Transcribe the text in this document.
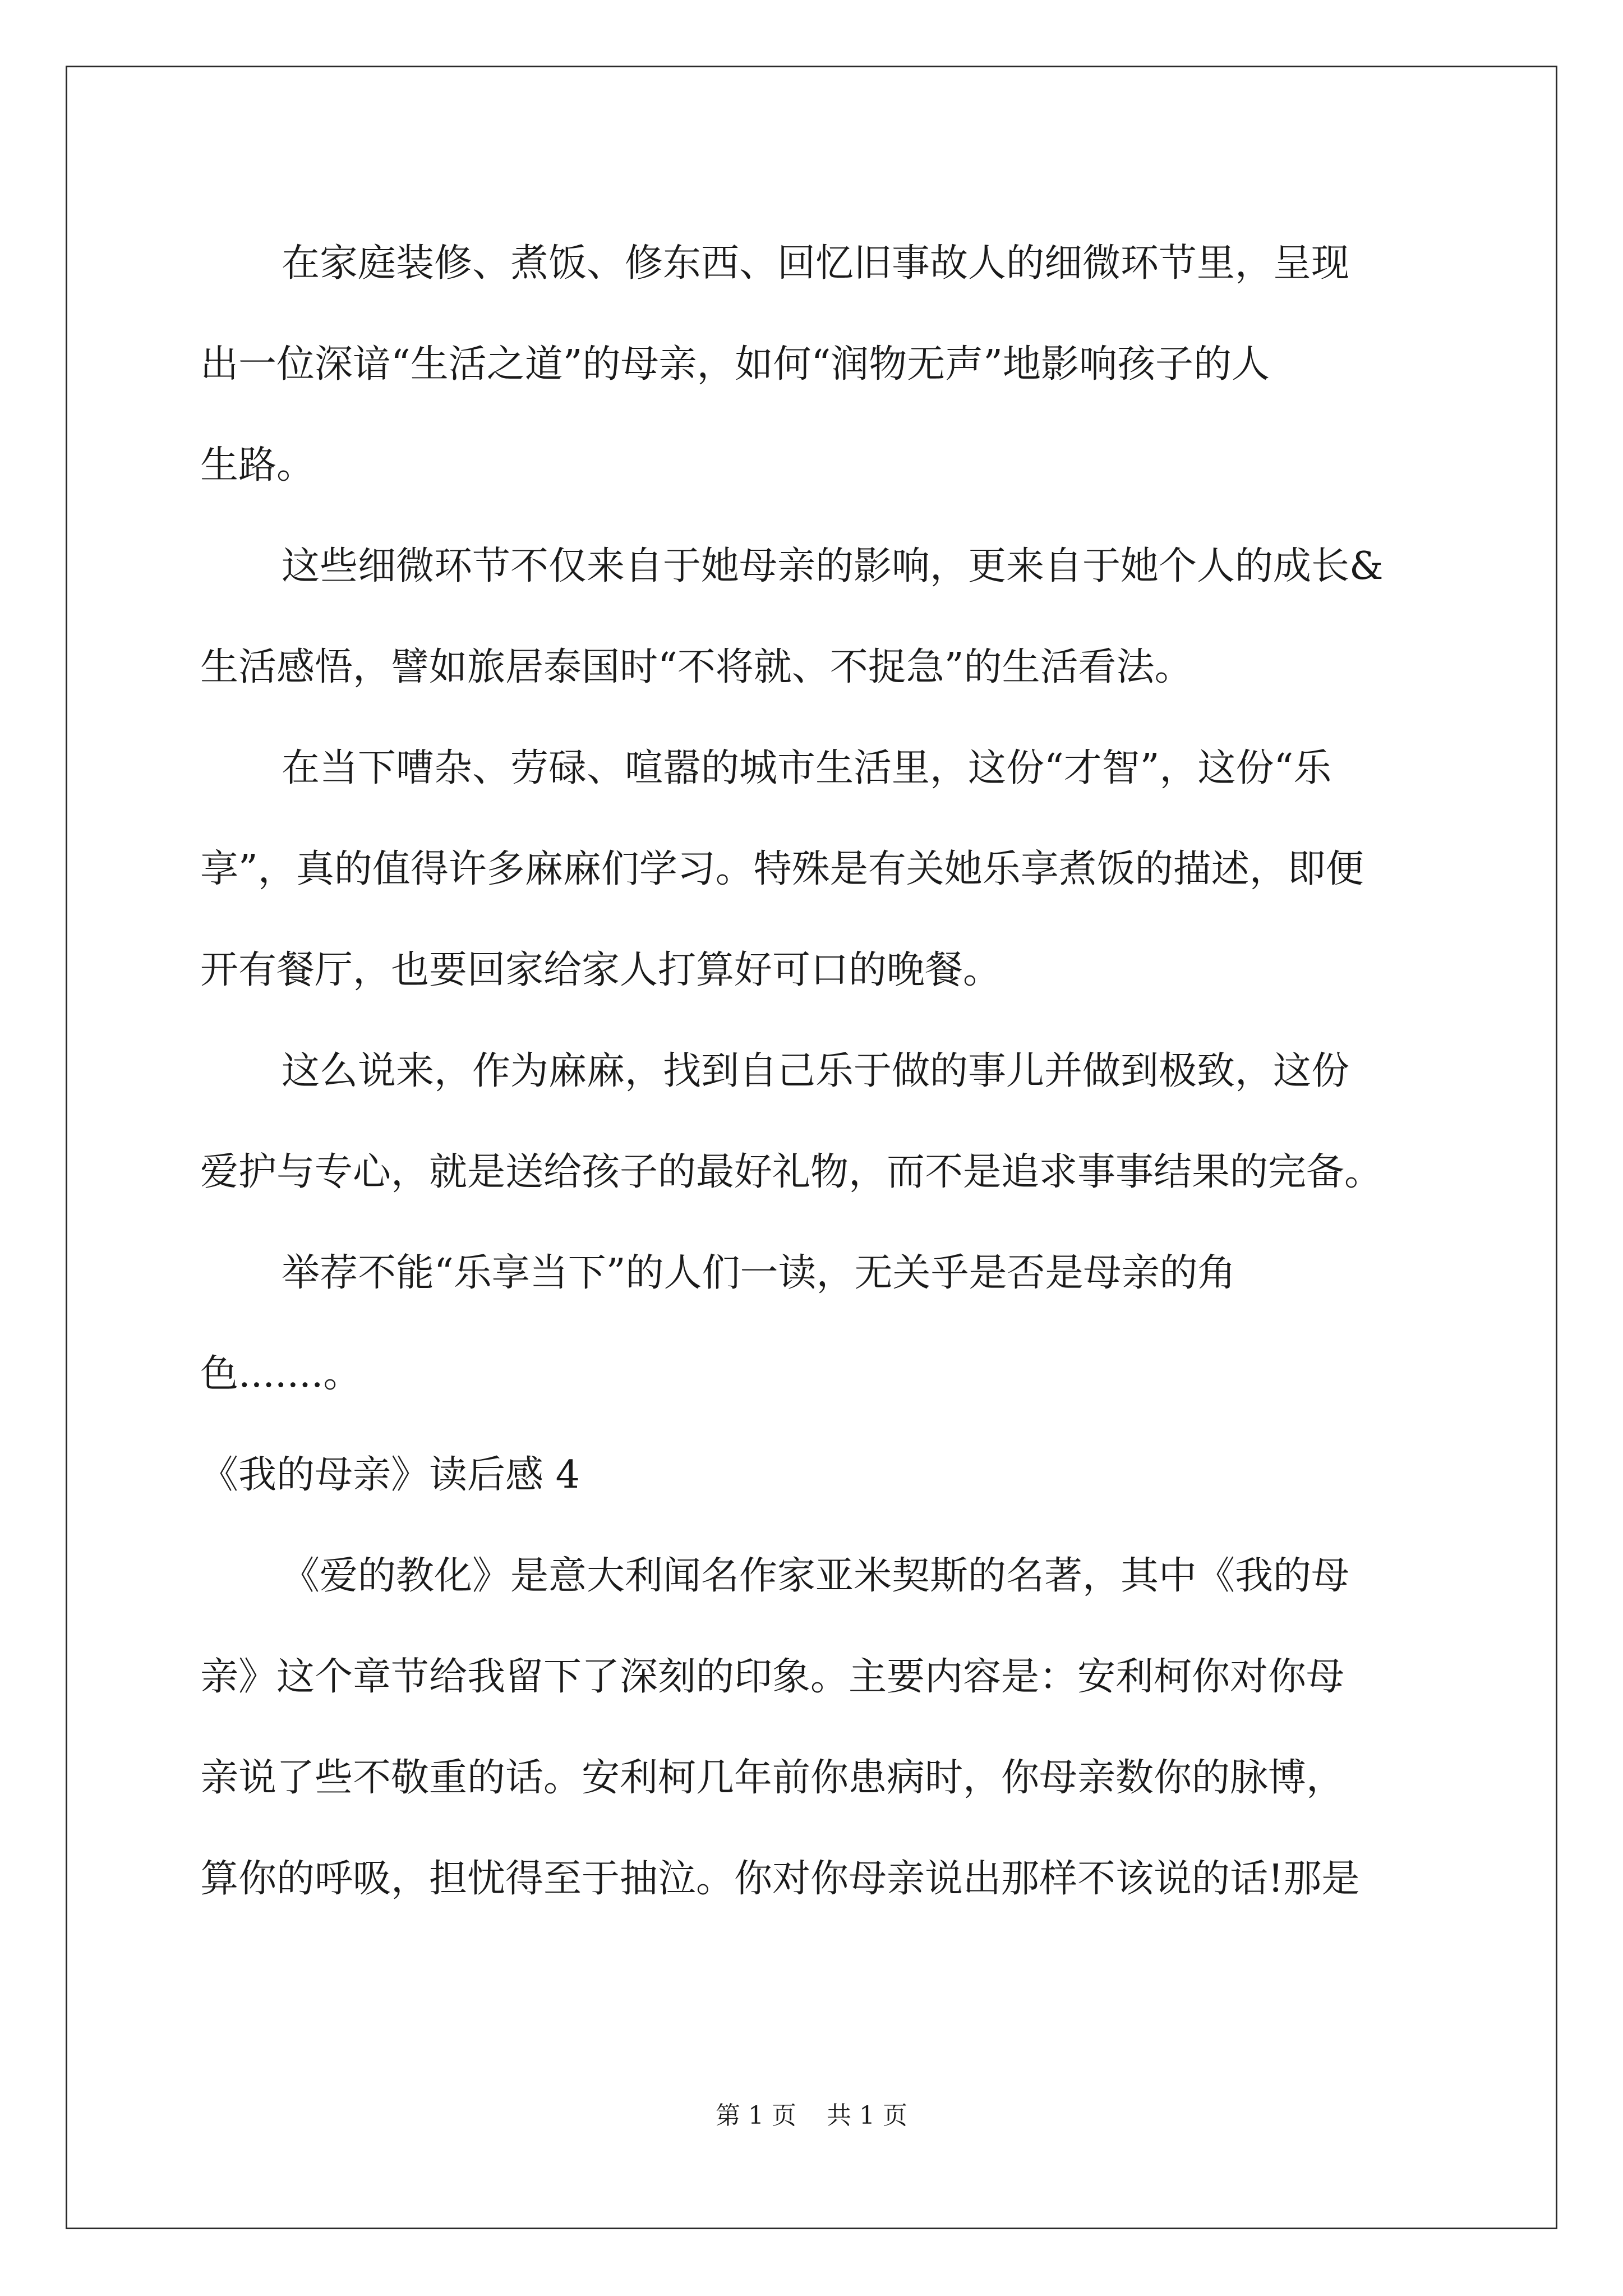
在家庭装修、煮饭、修东西、回忆旧事故人的细微环节里，呈现
出一位深谙“生活之道”的母亲，如何“润物无声”地影响孩子的人
生路。

这些细微环节不仅来自于她母亲的影响，更来自于她个人的成长&
生活感悟，譬如旅居泰国时“不将就、不捉急”的生活看法。

在当下嘈杂、劳碌、喧嚣的城市生活里，这份“才智”，这份“乐
享”，真的值得许多麻麻们学习。特殊是有关她乐享煮饭的描述，即便
开有餐厅，也要回家给家人打算好可口的晚餐。

这么说来，作为麻麻，找到自己乐于做的事儿并做到极致，这份
爱护与专心，就是送给孩子的最好礼物，而不是追求事事结果的完备。

举荐不能“乐享当下”的人们一读，无关乎是否是母亲的角
色.......。

《我的母亲》读后感 4

《爱的教化》是意大利闻名作家亚米契斯的名著，其中《我的母
亲》这个章节给我留下了深刻的印象。主要内容是：安利柯你对你母
亲说了些不敬重的话。安利柯几年前你患病时，你母亲数你的脉博，
算你的呼吸，担忧得至于抽泣。你对你母亲说出那样不该说的话!那是

第 1 页 共 1 页
